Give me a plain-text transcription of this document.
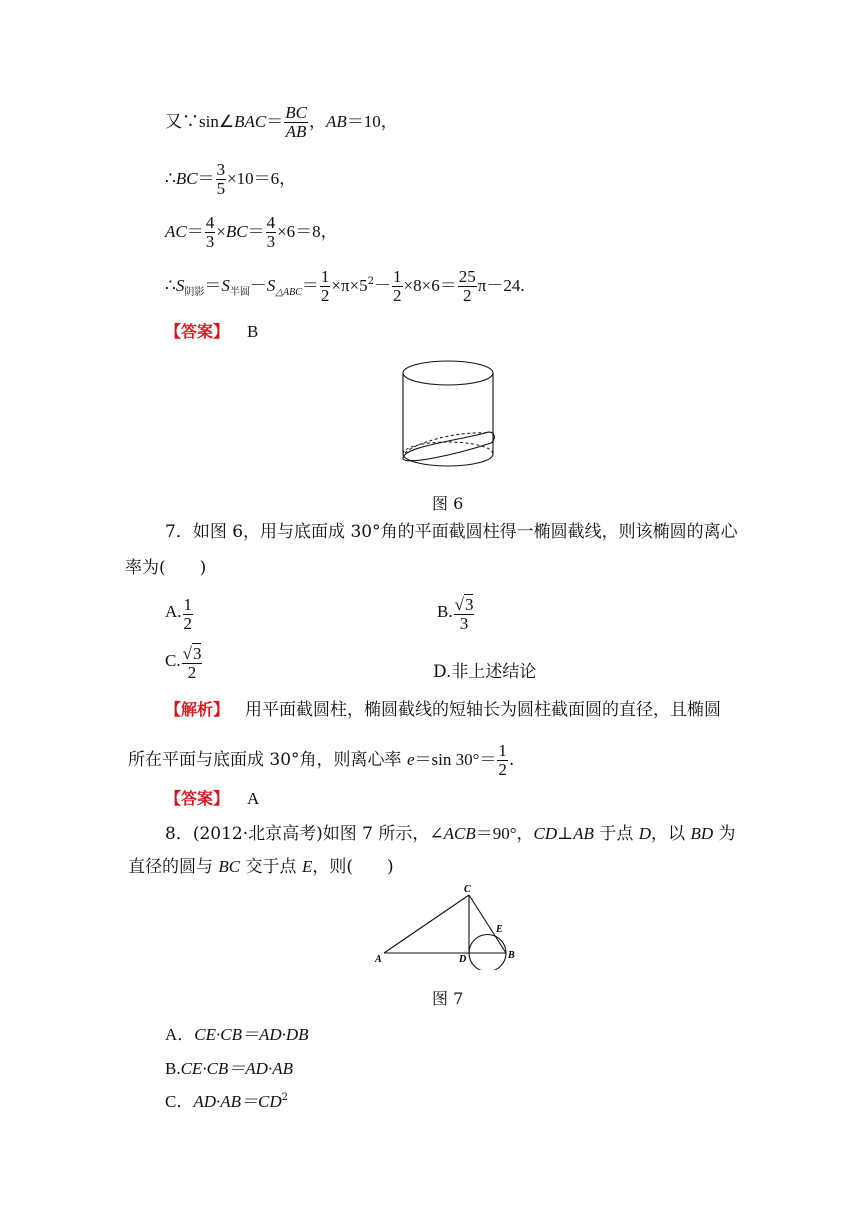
又∵sin∠BAC＝ $\frac{BC}{AB}$ ，AB＝10，
∴BC＝ $\frac{3}{5} \times 10=6$，
$AC= \frac{4}{3} \times BC= \frac{4}{3} \times 6=8$，
$\therefore S_{阴影}=S_{半圆}-S_{\triangle ABC}= \frac{1}{2} \times\pi\times 5^2- \frac{1}{2} \times 8\times 6= \frac{25}{2} \pi-24$.
【答案】 B
图 6
7．如图 6，用与底面成 30°角的平面截圆柱得一椭圆截线，则该椭圆的离心
率为(　　)
A. $\frac{1}{2}$	B. $\frac{√3}{3}$
C. $\frac{√3}{2}$	D.非上述结论
【解析】 用平面截圆柱，椭圆截线的短轴长为圆柱截面圆的直径，且椭圆
所在平面与底面成 30°角，则离心率 e＝sin $30^\circ= \frac{1}{2}$ .
【答案】 A
8．(2012·北京高考)如图 7 所示，∠ACB＝90°，CD⊥AB 于点 D，以 BD 为
直径的圆与 BC 交于点 E，则(　　)
A	B
C
D
E
图 7
A．CE·CB＝AD·DB
B.CE·CB＝AD·AB
C．$AD\cdot AB=CD^2$
